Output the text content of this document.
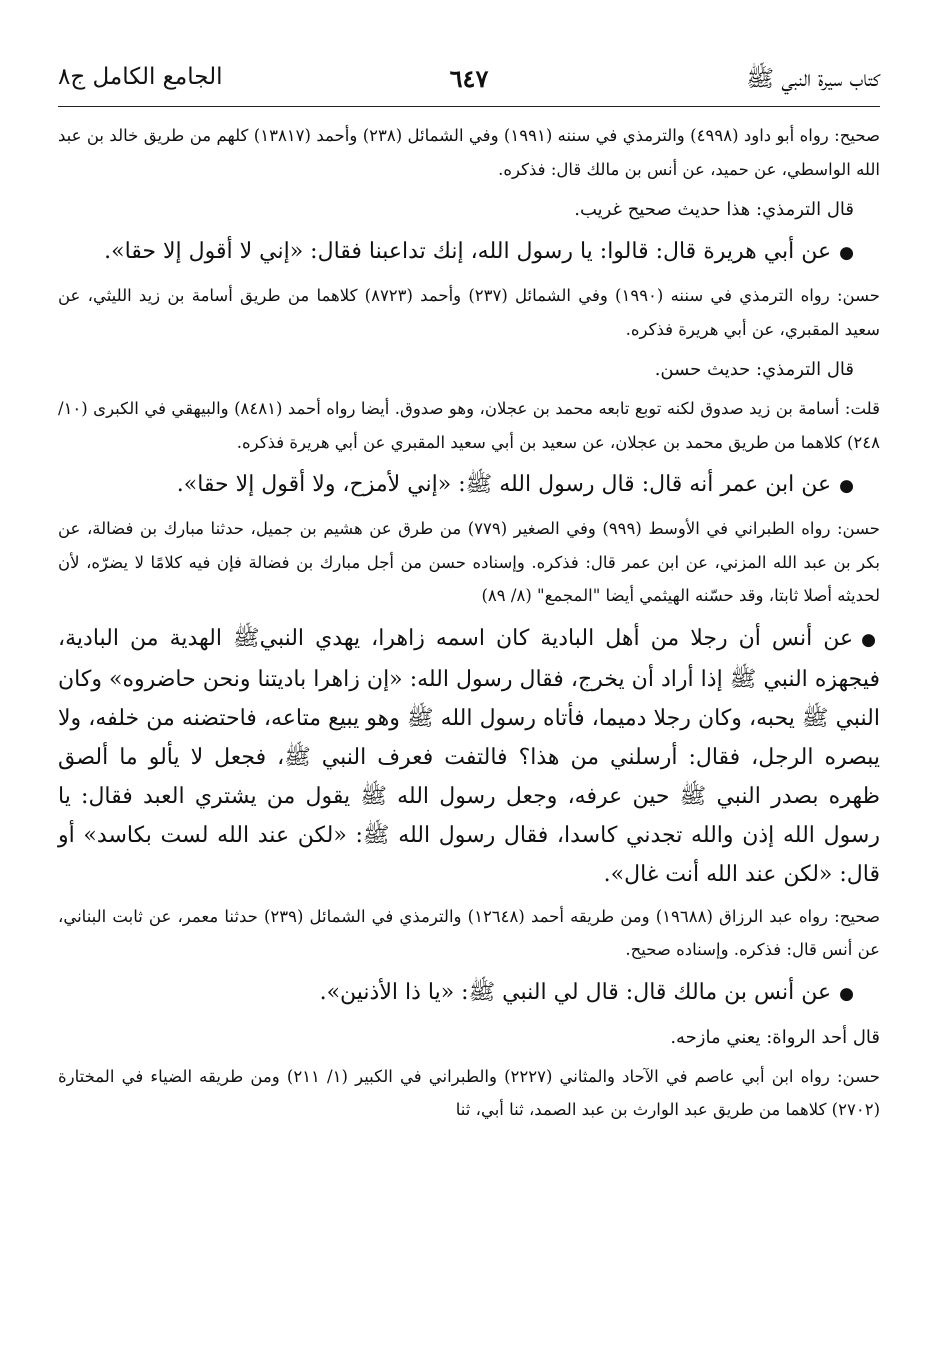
كتاب سيرة النبي ﷺ
٦٤٧
الجامع الكامل ج٨

صحيح: رواه أبو داود (٤٩٩٨) والترمذي في سننه (١٩٩١) وفي الشمائل (٢٣٨) وأحمد (١٣٨١٧) كلهم من طريق خالد بن عبد الله الواسطي، عن حميد، عن أنس بن مالك قال: فذكره.

قال الترمذي: هذا حديث صحيح غريب.

●عن أبي هريرة قال: قالوا: يا رسول الله، إنك تداعبنا فقال: «إني لا أقول إلا حقا».

حسن: رواه الترمذي في سننه (١٩٩٠) وفي الشمائل (٢٣٧) وأحمد (٨٧٢٣) كلاهما من طريق أسامة بن زيد الليثي، عن سعيد المقبري، عن أبي هريرة فذكره.

قال الترمذي: حديث حسن.

قلت: أسامة بن زيد صدوق لكنه توبع تابعه محمد بن عجلان، وهو صدوق. أيضا رواه أحمد (٨٤٨١) والبيهقي في الكبرى (١٠/ ٢٤٨) كلاهما من طريق محمد بن عجلان، عن سعيد بن أبي سعيد المقبري عن أبي هريرة فذكره.

●عن ابن عمر أنه قال: قال رسول الله ﷺ: «إني لأمزح، ولا أقول إلا حقا».

حسن: رواه الطبراني في الأوسط (٩٩٩) وفي الصغير (٧٧٩) من طرق عن هشيم بن جميل، حدثنا مبارك بن فضالة، عن بكر بن عبد الله المزني، عن ابن عمر قال: فذكره. وإسناده حسن من أجل مبارك بن فضالة فإن فيه كلامًا لا يضرّه، لأن لحديثه أصلا ثابتا، وقد حسّنه الهيثمي أيضا "المجمع" (٨/ ٨٩)

●عن أنس أن رجلا من أهل البادية كان اسمه زاهرا، يهدي النبيﷺ الهدية من البادية، فيجهزه النبي ﷺ إذا أراد أن يخرج، فقال رسول الله: «إن زاهرا باديتنا ونحن حاضروه» وكان النبي ﷺ يحبه، وكان رجلا دميما، فأتاه رسول الله ﷺ وهو يبيع متاعه، فاحتضنه من خلفه، ولا يبصره الرجل، فقال: أرسلني من هذا؟ فالتفت فعرف النبي ﷺ، فجعل لا يألو ما ألصق ظهره بصدر النبي ﷺ حين عرفه، وجعل رسول الله ﷺ يقول من يشتري العبد فقال: يا رسول الله إذن والله تجدني كاسدا، فقال رسول الله ﷺ: «لكن عند الله لست بكاسد» أو قال: «لكن عند الله أنت غال».

صحيح: رواه عبد الرزاق (١٩٦٨٨) ومن طريقه أحمد (١٢٦٤٨) والترمذي في الشمائل (٢٣٩) حدثنا معمر، عن ثابت البناني، عن أنس قال: فذكره. وإسناده صحيح.

●عن أنس بن مالك قال: قال لي النبي ﷺ: «يا ذا الأذنين».

قال أحد الرواة: يعني مازحه.

حسن: رواه ابن أبي عاصم في الآحاد والمثاني (٢٢٢٧) والطبراني في الكبير (١/ ٢١١) ومن طريقه الضياء في المختارة (٢٧٠٢) كلاهما من طريق عبد الوارث بن عبد الصمد، ثنا أبي، ثنا
